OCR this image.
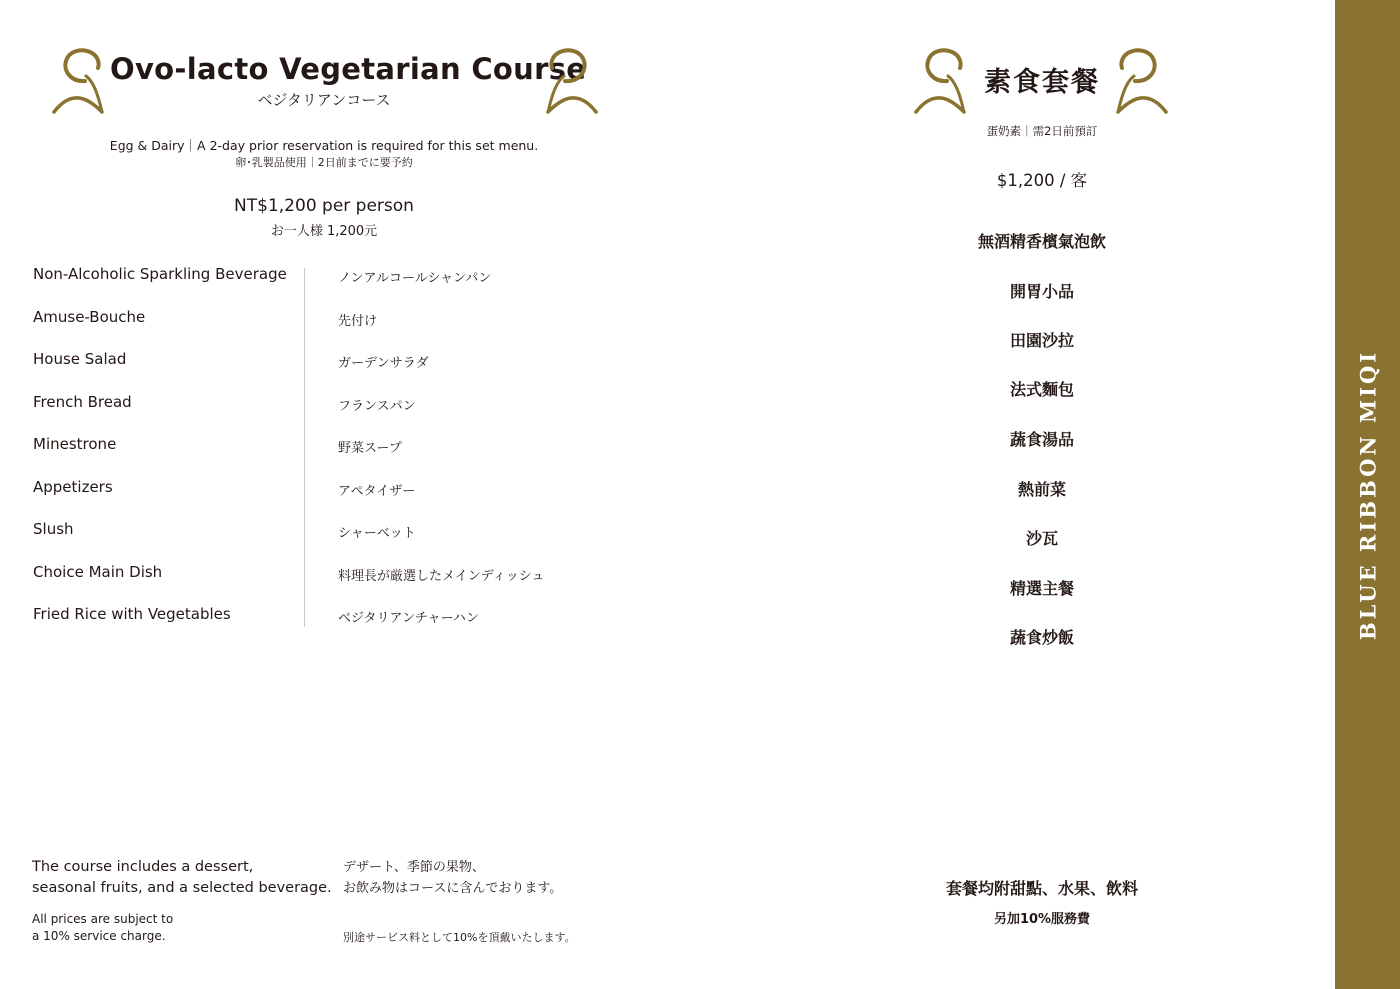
Ovo-lacto Vegetarian Course
ベジタリアンコース
Egg & Dairy｜A 2-day prior reservation is required for this set menu.
卵･乳製品使用｜2日前までに要予約
NT$1,200 per person
お一人様 1,200元
Non-Alcoholic Sparkling Beverage	ノンアルコールシャンパン
Amuse-Bouche	先付け
House Salad	ガーデンサラダ
French Bread	フランスパン
Minestrone	野菜スープ
Appetizers	アペタイザー
Slush	シャーベット
Choice Main Dish	料理長が厳選したメインディッシュ
Fried Rice with Vegetables	ベジタリアンチャーハン
The course includes a dessert,
seasonal fruits, and a selected beverage.
All prices are subject to
a 10% service charge.
デザート、季節の果物、
お飲み物はコースに含んでおります。
別途サービス料として10%を頂戴いたします。
素食套餐
蛋奶素｜需2日前預訂
$1,200 / 客
無酒精香檳氣泡飲
開胃小品
田園沙拉
法式麵包
蔬食湯品
熱前菜
沙瓦
精選主餐
蔬食炒飯
套餐均附甜點、水果、飲料
另加10%服務費
BLUE RIBBON MIQI
